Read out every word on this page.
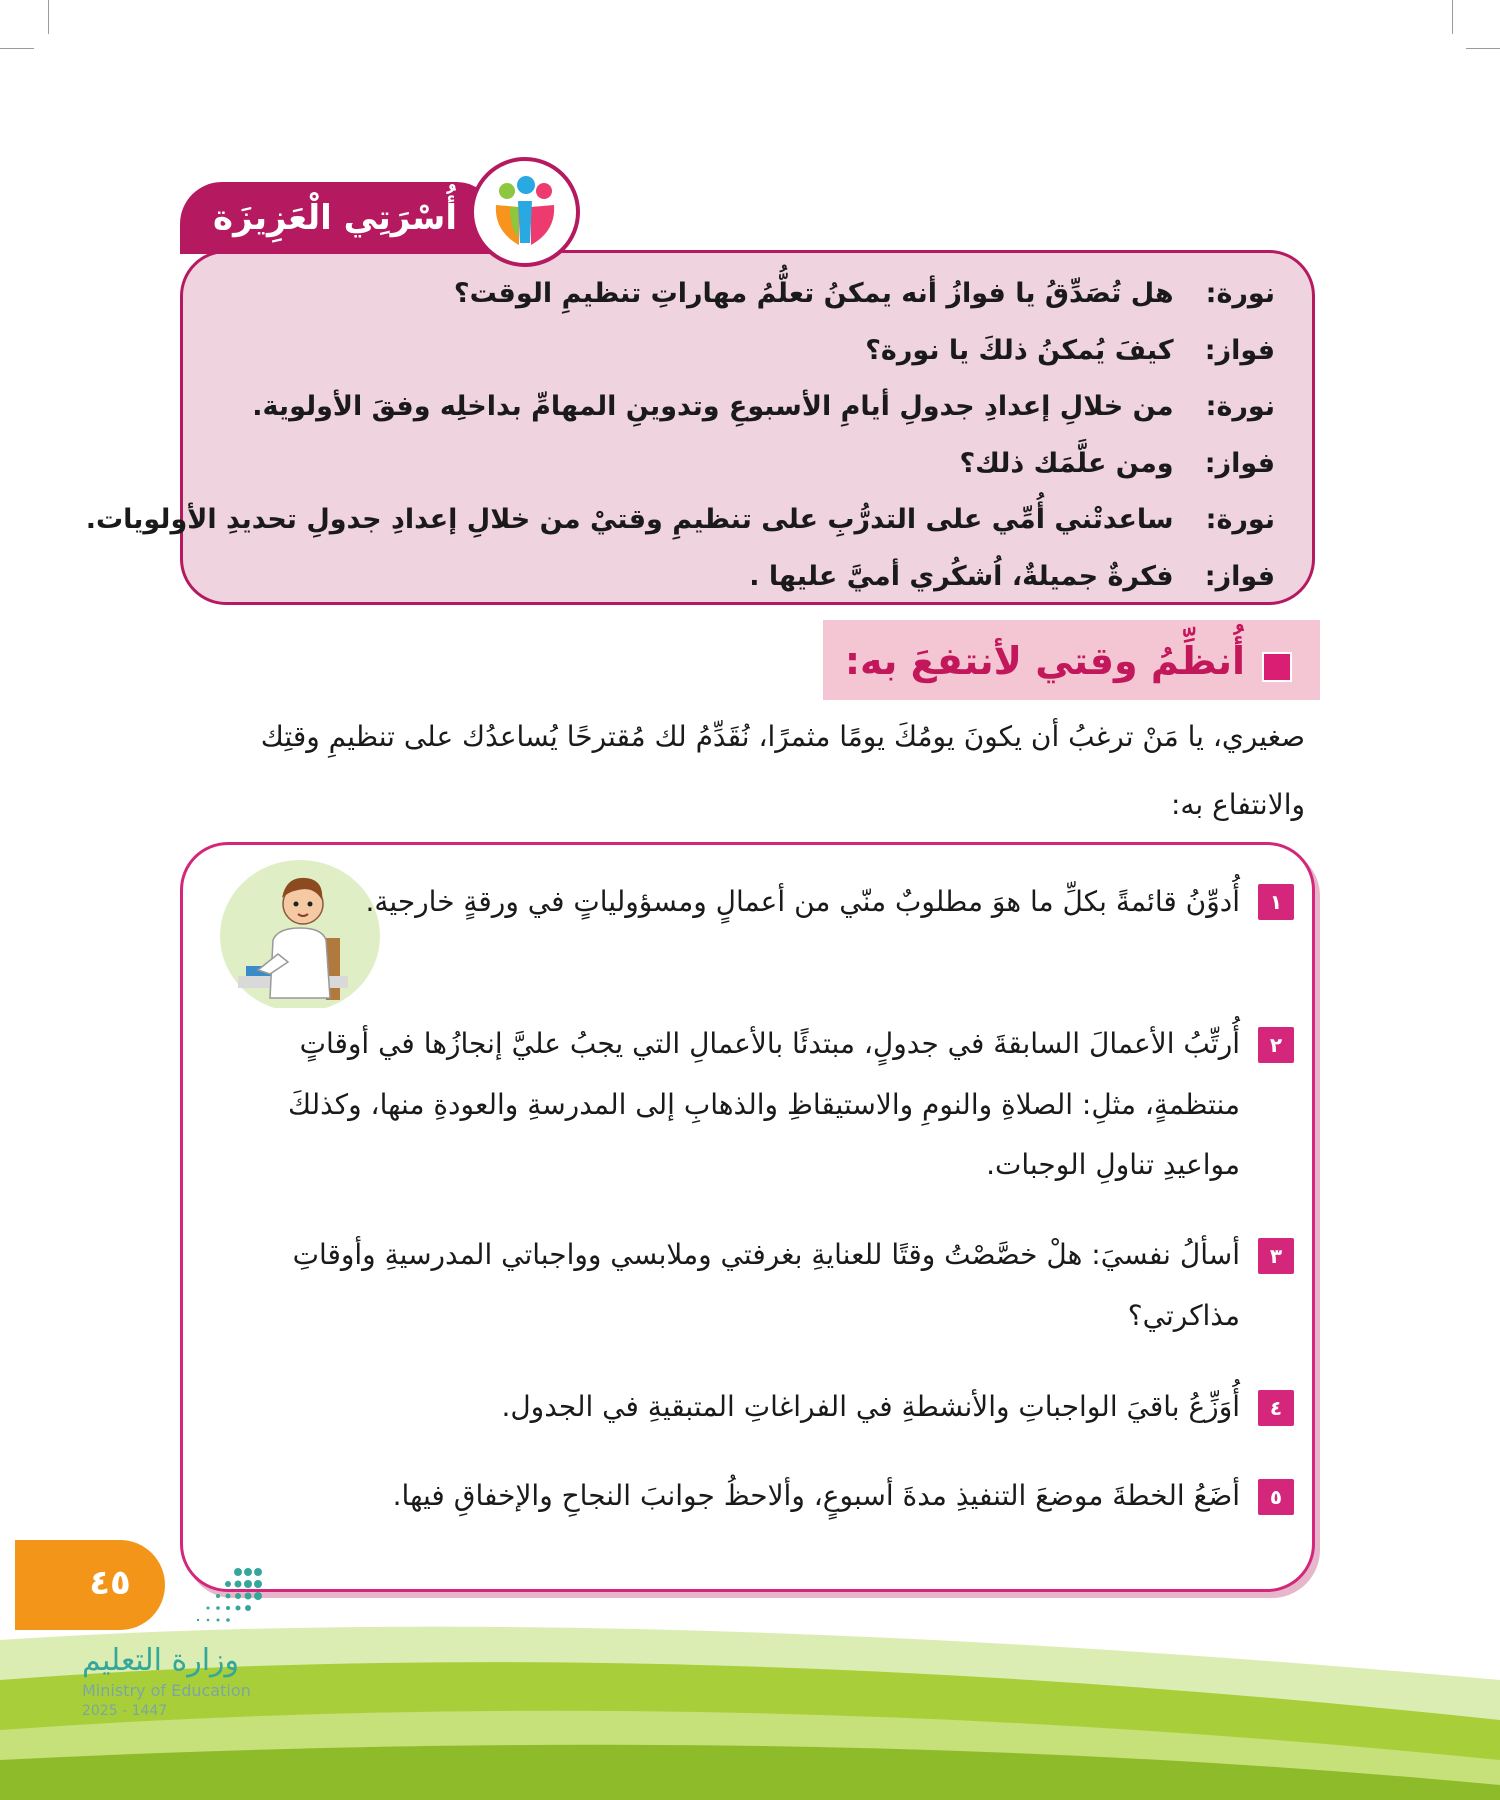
أُسْرَتِي الْعَزِيزَة
نورة: هل تُصَدِّقُ يا فوازُ أنه يمكنُ تعلُّمُ مهاراتِ تنظيمِ الوقت؟
فواز: كيفَ يُمكنُ ذلكَ يا نورة؟
نورة: من خلالِ إعدادِ جدولِ أيامِ الأسبوعِ وتدوينِ المهامِّ بداخلِه وفقَ الأولوية.
فواز: ومن علَّمَك ذلك؟
نورة: ساعدتْني أُمِّي على التدرُّبِ على تنظيمِ وقتيْ من خلالِ إعدادِ جدولِ تحديدِ الأولويات.
فواز: فكرةٌ جميلةٌ، اُشكُري أميَّ عليها .
أُنظِّمُ وقتي لأنتفعَ به:
صغيري، يا مَنْ ترغبُ أن يكونَ يومُكَ يومًا مثمرًا، نُقَدِّمُ لك مُقترحًا يُساعدُك على تنظيمِ وقتِك
والانتفاع به:
١
أُدوِّنُ قائمةً بكلِّ ما هوَ مطلوبٌ منّي من أعمالٍ ومسؤولياتٍ في ورقةٍ خارجية.
٢
أُرتِّبُ الأعمالَ السابقةَ في جدولٍ، مبتدئًا بالأعمالِ التي يجبُ عليَّ إنجازُها في أوقاتٍ
منتظمةٍ، مثلِ: الصلاةِ والنومِ والاستيقاظِ والذهابِ إلى المدرسةِ والعودةِ منها، وكذلكَ
مواعيدِ تناولِ الوجبات.
٣
أسألُ نفسيَ: هلْ خصَّصْتُ وقتًا للعنايةِ بغرفتي وملابسي وواجباتي المدرسيةِ وأوقاتِ
مذاكرتي؟
٤
أُوَزِّعُ باقيَ الواجباتِ والأنشطةِ في الفراغاتِ المتبقيةِ في الجدول.
٥
أضَعُ الخطةَ موضعَ التنفيذِ مدةَ أسبوعٍ، وألاحظُ جوانبَ النجاحِ والإخفاقِ فيها.
٤٥
وزارة التعليم
Ministry of Education
2025 - 1447
